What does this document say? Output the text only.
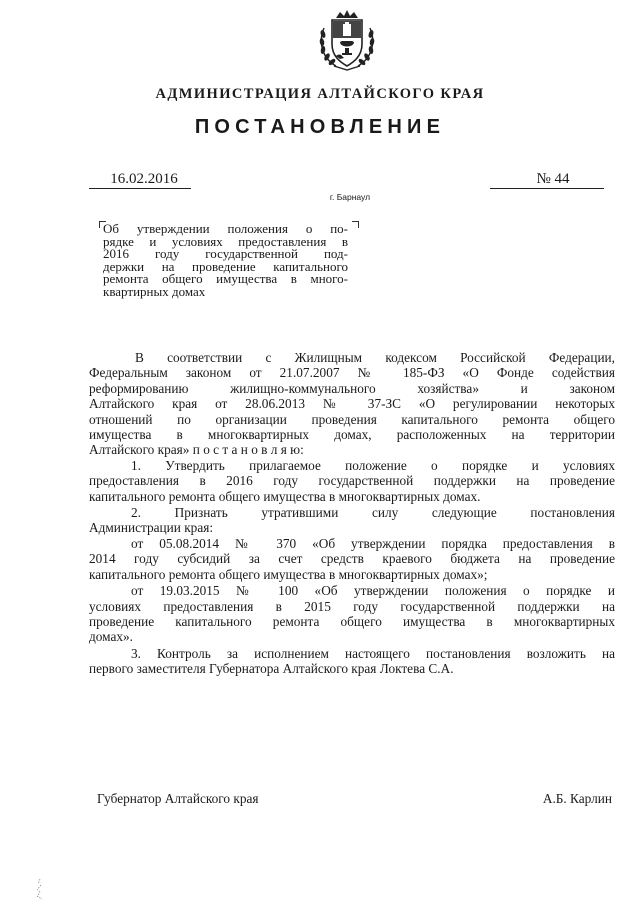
АДМИНИСТРАЦИЯ АЛТАЙСКОГО КРАЯ
ПОСТАНОВЛЕНИЕ
16.02.2016	№ 44
г. Барнаул
Об утверждении положения о по-
рядке и условиях предоставления в
2016 году государственной под-
держки на проведение капитального
ремонта общего имущества в много-
квартирных домах
В соответствии с Жилищным кодексом Российской Федерации,
Федеральным законом от 21.07.2007 № 185-ФЗ «О Фонде содействия
реформированию жилищно-коммунального хозяйства» и законом
Алтайского края от 28.06.2013 № 37-ЗС «О регулировании некоторых
отношений по организации проведения капитального ремонта общего
имущества в многоквартирных домах, расположенных на территории
Алтайского края» п о с т а н о в л я ю:
1. Утвердить прилагаемое положение о порядке и условиях
предоставления в 2016 году государственной поддержки на проведение
капитального ремонта общего имущества в многоквартирных домах.
2. Признать утратившими силу следующие постановления
Администрации края:
от 05.08.2014 № 370 «Об утверждении порядка предоставления в
2014 году субсидий за счет средств краевого бюджета на проведение
капитального ремонта общего имущества в многоквартирных домах»;
от 19.03.2015 № 100 «Об утверждении положения о порядке и
условиях предоставления в 2015 году государственной поддержки на
проведение капитального ремонта общего имущества в многоквартирных
домах».
3. Контроль за исполнением настоящего постановления возложить на
первого заместителя Губернатора Алтайского края Локтева С.А.
Губернатор Алтайского края	А.Б. Карлин
